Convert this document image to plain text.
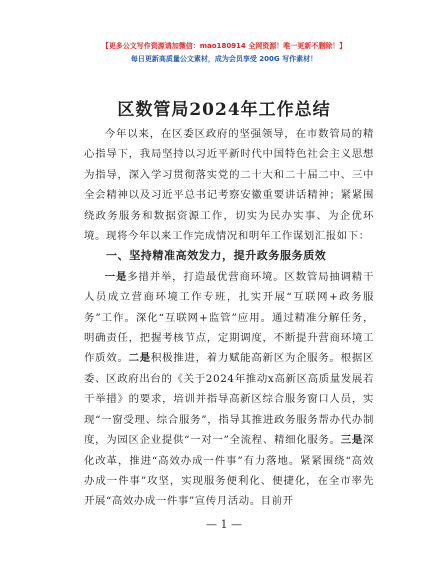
【更多公文写作资源请加微信：mao180914 全网资源！唯一更新不删除！】
每日更新高质量公文素材，成为会员享受 200G 写作素材！
区数管局2024年工作总结

今年以来，在区委区政府的坚强领导，在市数管局的精心指导下，我局坚持以习近平新时代中国特色社会主义思想为指导，深入学习贯彻落实党的二十大和二十届二中、三中全会精神以及习近平总书记考察安徽重要讲话精神；紧紧围绕政务服务和数据资源工作，切实为民办实事、为企优环境。现将今年以来工作完成情况和明年工作谋划汇报如下：

一、坚持精准高效发力，提升政务服务质效

一是多措并举，打造最优营商环境。区数管局抽调精干人员成立营商环境工作专班，扎实开展“互联网+政务服务”工作。深化“互联网+监管”应用。通过精准分解任务，明确责任，把握考核节点，定期调度，不断提升营商环境工作质效。二是积极推进，着力赋能高新区为企服务。根据区委、区政府出台的《关于2024年推动x高新区高质量发展若干举措》的要求，培训并指导高新区综合服务窗口人员，实现“一窗受理、综合服务”，指导其推进政务服务帮办代办制度，为园区企业提供“一对一”全流程、精细化服务。三是深化改革，推进“高效办成一件事”有力落地。紧紧围绕“高效办成一件事”攻坚，实现服务便利化、便捷化，在全市率先开展“高效办成一件事”宣传月活动。目前开

— 1 —
